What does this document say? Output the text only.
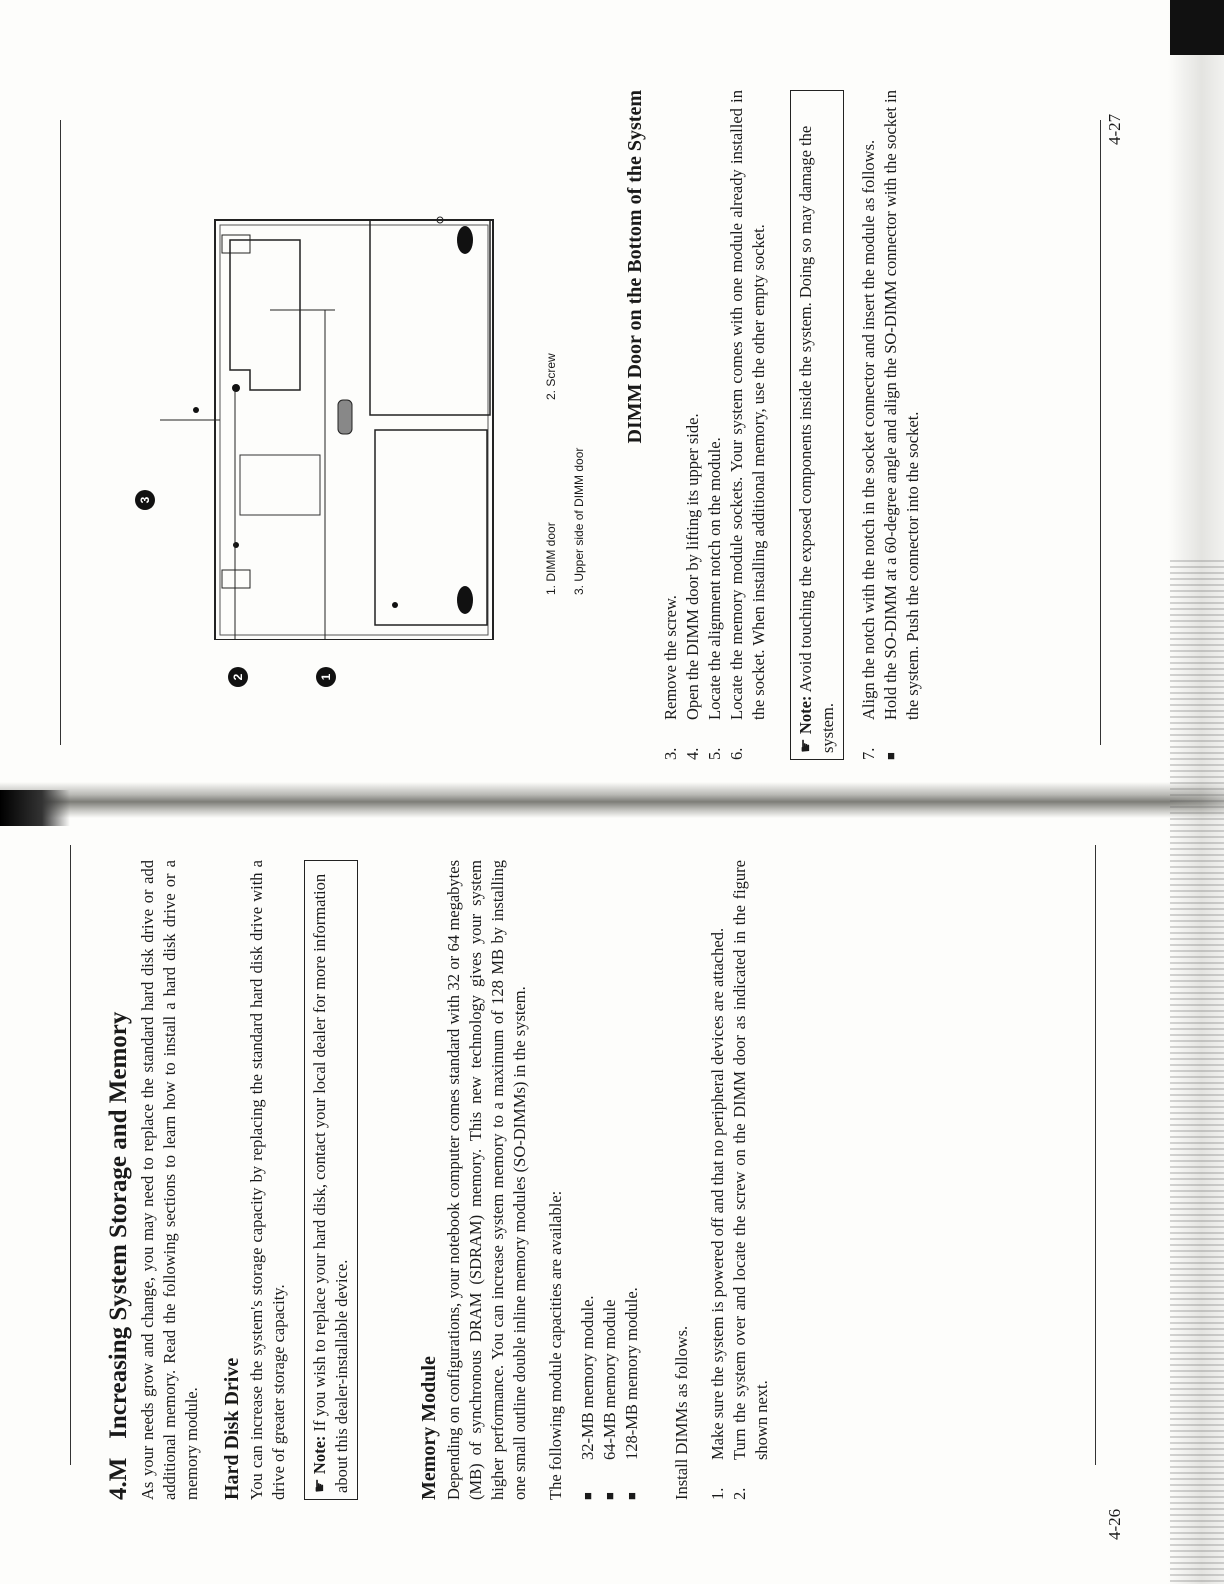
4.M   Increasing System Storage and Memory As your needs grow and change, you may need to replace the standard hard disk drive or add additional memory. Read the following sections to learn how to install a hard disk drive or a memory module. Hard Disk Drive You can increase the system's storage capacity by replacing the standard hard disk drive with a drive of greater storage capacity.	☛ Note: If you wish to replace your hard disk, contact your local dealer for more information about this dealer-installable device.	Memory Module Depending on configurations, your notebook computer comes standard with 32 or 64 megabytes (MB) of synchronous DRAM (SDRAM) memory. This new technology gives your system higher performance. You can increase system memory to a maximum of 128 MB by installing one small outline double inline memory modules (SO-DIMMs) in the system. The following module capacities are available: ■ 32-MB memory module. ■ 64-MB memory module ■ 128-MB memory module. Install DIMMs as follows. 1.
Make sure the system is powered off and that no peripheral devices are attached.
2.
Turn the system over and locate the screw on the DIMM door as indicated in the figure shown next.
4-26
2	1
3
1. DIMM door2. Screw
3. Upper side of DIMM door
DIMM Door on the Bottom of the System
3.
Remove the screw.
4.
Open the DIMM door by lifting its upper side.
5.
Locate the alignment notch on the module.
6.
Locate the memory module sockets. Your system comes with one module already installed in the socket. When installing additional memory, use the other empty socket.
☛ Note: Avoid touching the exposed components inside the system. Doing so may damage the system.
7.
Align the notch with the notch in the socket connector and insert the module as follows.
■
Hold the SO-DIMM at a 60-degree angle and align the SO-DIMM connector with the socket in the system. Push the connector into the socket.
4-27
